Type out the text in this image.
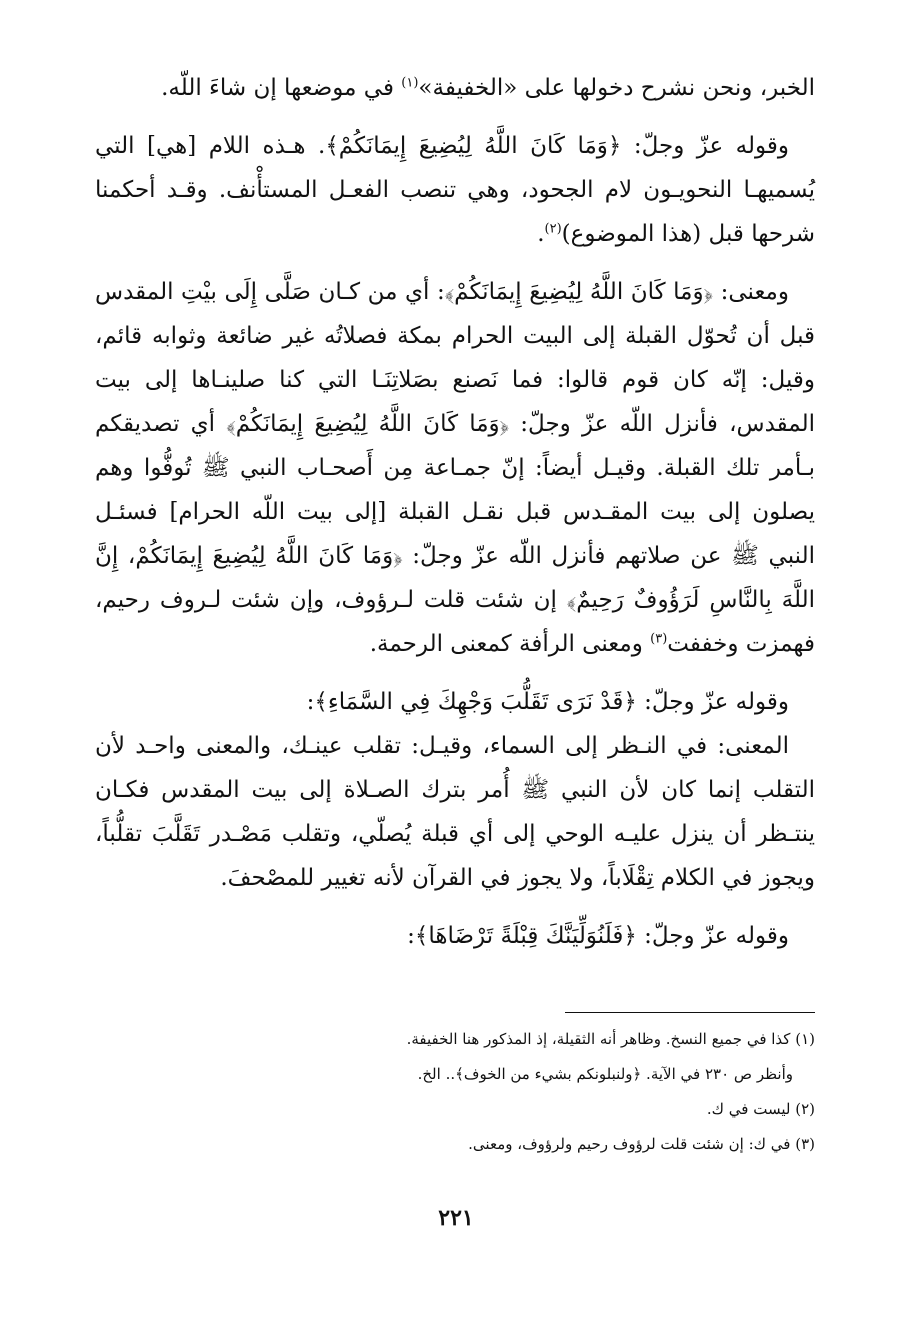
الخبر، ونحن نشرح دخولها على «الخفيفة»$^{(١)}$ في موضعها إن شاءَ اللّه.

وقوله عزّ وجلّ: ﴿وَمَا كَانَ اللَّهُ لِيُضِيعَ إِيمَانَكُمْ﴾. هـذه اللام [هي] التي يُسميهـا النحويـون لام الجحود، وهي تنصب الفعـل المستأْنف. وقـد أحكمنا شرحها قبل (هذا الموضوع)$^{(٢)}$.

ومعنى: ﴿وَمَا كَانَ اللَّهُ لِيُضِيعَ إِيمَانَكُمْ﴾: أي من كـان صَلَّى إِلَى بيْتِ المقدس قبل أن تُحوّل القبلة إلى البيت الحرام بمكة فصلاتُه غير ضائعة وثوابه قائم، وقيل: إنّه كان قوم قالوا: فما نَصنع بصَلاتِنَـا التي كنا صلينـاها إلى بيت المقدس، فأنزل اللّه عزّ وجلّ: ﴿وَمَا كَانَ اللَّهُ لِيُضِيعَ إِيمَانَكُمْ﴾ أي تصديقكم بـأمر تلك القبلة. وقيـل أيضاً: إنّ جمـاعة مِن أَصحـاب النبي ﷺ تُوفُّوا وهم يصلون إلى بيت المقـدس قبل نقـل القبلة [إلى بيت اللّه الحرام] فسئـل النبي ﷺ عن صلاتهم فأنزل اللّه عزّ وجلّ: ﴿وَمَا كَانَ اللَّهُ لِيُضِيعَ إِيمَانَكُمْ، إِنَّ اللَّهَ بِالنَّاسِ لَرَؤُوفٌ رَحِيمٌ﴾ إن شئت قلت لـرؤوف، وإن شئت لـروف رحيم، فهمزت وخففت$^{(٣)}$ ومعنى الرأفة كمعنى الرحمة.

وقوله عزّ وجلّ: ﴿قَدْ نَرَى تَقَلُّبَ وَجْهِكَ فِي السَّمَاءِ﴾:

المعنى: في النـظر إلى السماء، وقيـل: تقلب عينـك، والمعنى واحـد لأن التقلب إنما كان لأن النبي ﷺ أُمر بترك الصـلاة إلى بيت المقدس فكـان ينتـظر أن ينزل عليـه الوحي إلى أي قبلة يُصلّي، وتقلب مَصْـدر تَقَلَّبَ تقلُّباً، ويجوز في الكلام تِقْلَاباً، ولا يجوز في القرآن لأنه تغيير للمصْحفَ.

وقوله عزّ وجلّ: ﴿فَلَنُوَلِّيَنَّكَ قِبْلَةً تَرْضَاهَا﴾:

(١) كذا في جميع النسخ. وظاهر أنه الثقيلة، إذ المذكور هنا الخفيفة.

وأنظر ص ٢٣٠ في الآية. ﴿ولنبلونكم بشيء من الخوف﴾.. الخ.

(٢) ليست في ك.

(٣) في ك: إن شئت قلت لرؤوف رحيم ولرؤوف، ومعنى.

٢٢١
